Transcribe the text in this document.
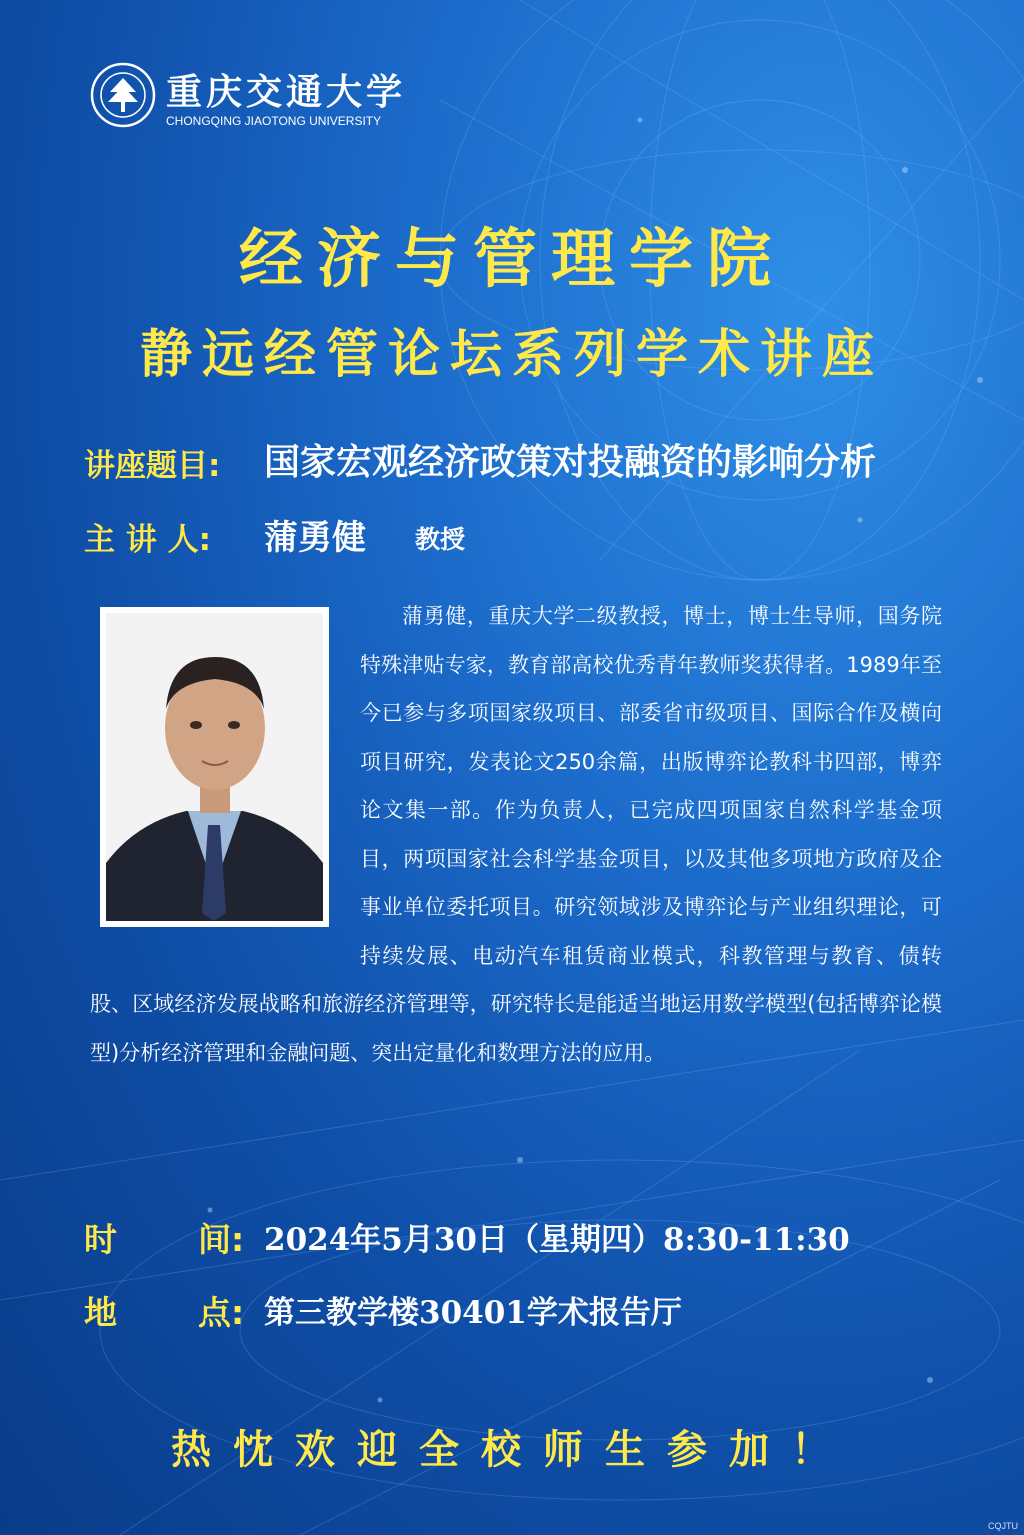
重庆交通大学
CHONGQING JIAOTONG UNIVERSITY
经济与管理学院
静远经管论坛系列学术讲座
讲座题目: 国家宏观经济政策对投融资的影响分析
主 讲 人: 蒲勇健 教授

蒲勇健，重庆大学二级教授，博士，博士生导师，国务院特殊津贴专家，教育部高校优秀青年教师奖获得者。1989年至今已参与多项国家级项目、部委省市级项目、国际合作及横向项目研究，发表论文250余篇，出版博弈论教科书四部，博弈论文集一部。作为负责人，已完成四项国家自然科学基金项目，两项国家社会科学基金项目，以及其他多项地方政府及企事业单位委托项目。研究领域涉及博弈论与产业组织理论，可持续发展、电动汽车租赁商业模式，科教管理与教育、债转股、区域经济发展战略和旅游经济管理等，研究特长是能适当地运用数学模型(包括博弈论模型)分析经济管理和金融问题、突出定量化和数理方法的应用。

时 间: 2024年5月30日（星期四）8:30-11:30
地 点: 第三教学楼30401学术报告厅
热忱欢迎全校师生参加！
CQJTU
